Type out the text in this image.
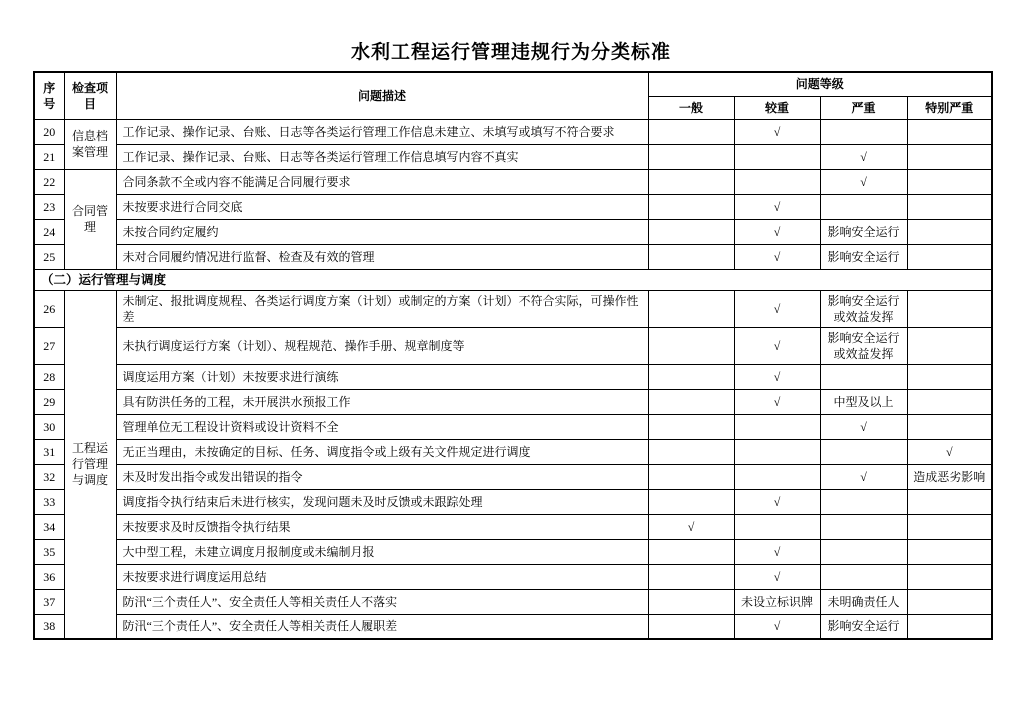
水利工程运行管理违规行为分类标准
序号	检查项目	问题描述	问题等级			
			一般	较重	严重	特别严重
20	信息档案管理	工作记录、操作记录、台账、日志等各类运行管理工作信息未建立、未填写或填写不符合要求		√		
21		工作记录、操作记录、台账、日志等各类运行管理工作信息填写内容不真实			√	
22	合同管理	合同条款不全或内容不能满足合同履行要求			√	
23		未按要求进行合同交底		√		
24		未按合同约定履约		√	影响安全运行	
25		未对合同履约情况进行监督、检查及有效的管理		√	影响安全运行	
（二）运行管理与调度						
26	工程运行管理与调度	未制定、报批调度规程、各类运行调度方案（计划）或制定的方案（计划）不符合实际，可操作性差		√	影响安全运行或效益发挥	
27		未执行调度运行方案（计划）、规程规范、操作手册、规章制度等		√	影响安全运行或效益发挥	
28		调度运用方案（计划）未按要求进行演练		√		
29		具有防洪任务的工程，未开展洪水预报工作		√	中型及以上	
30		管理单位无工程设计资料或设计资料不全			√	
31		无正当理由，未按确定的目标、任务、调度指令或上级有关文件规定进行调度				√
32		未及时发出指令或发出错误的指令			√	造成恶劣影响
33		调度指令执行结束后未进行核实，发现问题未及时反馈或未跟踪处理		√		
34		未按要求及时反馈指令执行结果	√			
35		大中型工程，未建立调度月报制度或未编制月报		√		
36		未按要求进行调度运用总结		√		
37		防汛“三个责任人”、安全责任人等相关责任人不落实		未设立标识牌	未明确责任人	
38		防汛“三个责任人”、安全责任人等相关责任人履职差		√	影响安全运行	
